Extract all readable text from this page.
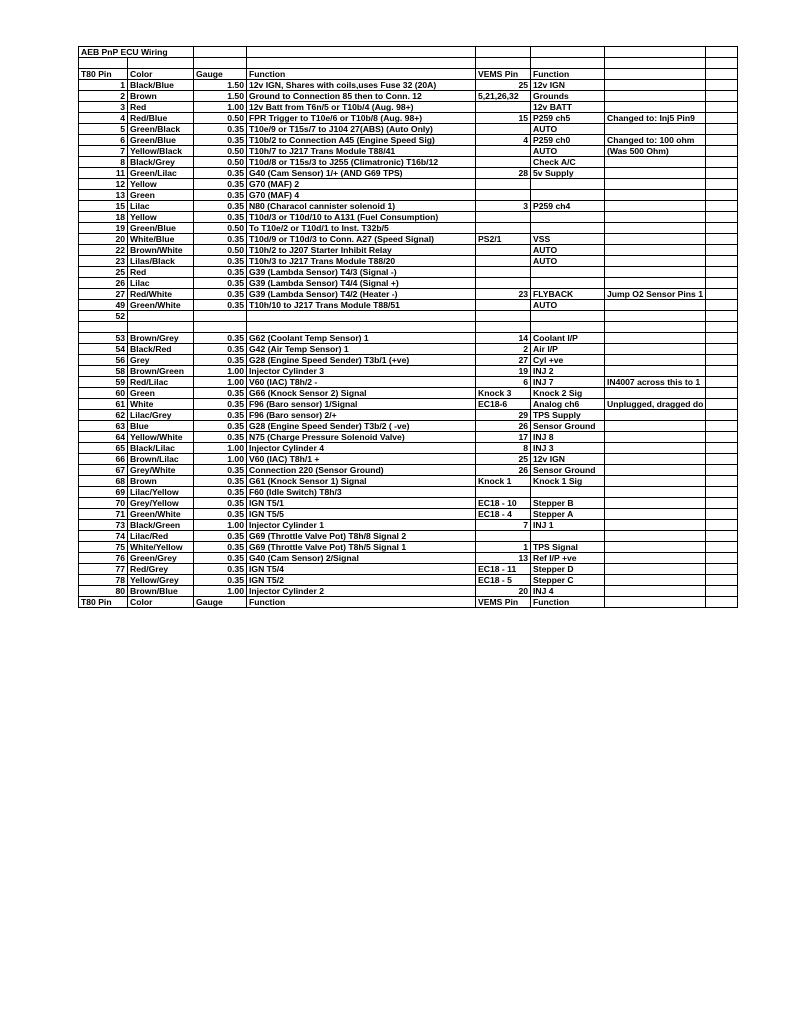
AEB PnP ECU Wiring							

T80 Pin	Color	Gauge	Function	VEMS Pin	Function		
1	Black/Blue	1.50	12v IGN, Shares with coils,uses Fuse 32 (20A)	25	12v IGN		
2	Brown	1.50	Ground to Connection 85 then to Conn. 12	5,21,26,32	Grounds		
3	Red	1.00	12v Batt from T6n/5 or T10b/4 (Aug. 98+)		12v BATT		
4	Red/Blue	0.50	FPR Trigger to T10e/6 or T10b/8 (Aug. 98+)	15	P259 ch5	Changed to: Inj5 Pin9	
5	Green/Black	0.35	T10e/9 or T15s/7 to J104 27(ABS) (Auto Only)		AUTO		
6	Green/Blue	0.35	T10b/2 to Connection A45 (Engine Speed Sig)	4	P259 ch0	Changed to: 100 ohm	
7	Yellow/Black	0.50	T10h/7 to J217 Trans Module T88/41		AUTO	(Was 500 Ohm)	
8	Black/Grey	0.50	T10d/8 or T15s/3 to J255 (Climatronic) T16b/12		Check A/C		
11	Green/Lilac	0.35	G40 (Cam Sensor) 1/+ (AND G69 TPS)	28	5v Supply		
12	Yellow	0.35	G70 (MAF) 2				
13	Green	0.35	G70 (MAF) 4				
15	Lilac	0.35	N80 (Characol cannister solenoid 1)	3	P259 ch4		
18	Yellow	0.35	T10d/3 or T10d/10 to A131 (Fuel Consumption)				
19	Green/Blue	0.50	To T10e/2 or T10d/1 to Inst. T32b/5				
20	White/Blue	0.35	T10d/9 or T10d/3 to Conn. A27 (Speed Signal)	PS2/1	VSS		
22	Brown/White	0.50	T10h/2 to J207 Starter Inhibit Relay		AUTO		
23	Lilas/Black	0.35	T10h/3 to J217 Trans Module T88/20		AUTO		
25	Red	0.35	G39 (Lambda Sensor) T4/3 (Signal -)				
26	Lilac	0.35	G39 (Lambda Sensor) T4/4 (Signal +)				
27	Red/White	0.35	G39 (Lambda Sensor) T4/2 (Heater -)	23	FLYBACK	Jump O2 Sensor Pins 1	
49	Green/White	0.35	T10h/10 to J217 Trans Module T88/51		AUTO		
52							

53	Brown/Grey	0.35	G62 (Coolant Temp Sensor) 1	14	Coolant I/P		
54	Black/Red	0.35	G42 (Air Temp Sensor) 1	2	Air I/P		
56	Grey	0.35	G28 (Engine Speed Sender) T3b/1 (+ve)	27	Cyl +ve		
58	Brown/Green	1.00	Injector Cylinder 3	19	INJ 2		
59	Red/Lilac	1.00	V60 (IAC) T8h/2 -	6	INJ 7	IN4007 across this to 1	
60	Green	0.35	G66 (Knock Sensor 2) Signal	Knock 3	Knock 2 Sig		
61	White	0.35	F96 (Baro sensor) 1/Signal	EC18-6	Analog ch6	Unplugged, dragged do	
62	Lilac/Grey	0.35	F96 (Baro sensor) 2/+	29	TPS Supply		
63	Blue	0.35	G28 (Engine Speed Sender) T3b/2 ( -ve)	26	Sensor Ground		
64	Yellow/White	0.35	N75 (Charge Pressure Solenoid Valve)	17	INJ 8		
65	Black/Lilac	1.00	Injector Cylinder 4	8	INJ 3		
66	Brown/Lilac	1.00	V60 (IAC) T8h/1 +	25	12v IGN		
67	Grey/White	0.35	Connection 220 (Sensor Ground)	26	Sensor Ground		
68	Brown	0.35	G61 (Knock Sensor 1) Signal	Knock 1	Knock 1 Sig		
69	Lilac/Yellow	0.35	F60 (Idle Switch) T8h/3				
70	Grey/Yellow	0.35	IGN T5/1	EC18 - 10	Stepper B		
71	Green/White	0.35	IGN T5/5	EC18 - 4	Stepper A		
73	Black/Green	1.00	Injector Cylinder 1	7	INJ 1		
74	Lilac/Red	0.35	G69 (Throttle Valve Pot) T8h/8 Signal 2				
75	White/Yellow	0.35	G69 (Throttle Valve Pot) T8h/5 Signal 1	1	TPS Signal		
76	Green/Grey	0.35	G40 (Cam Sensor) 2/Signal	13	Ref I/P +ve		
77	Red/Grey	0.35	IGN T5/4	EC18 - 11	Stepper D		
78	Yellow/Grey	0.35	IGN T5/2	EC18 - 5	Stepper C		
80	Brown/Blue	1.00	Injector Cylinder 2	20	INJ 4		
T80 Pin	Color	Gauge	Function	VEMS Pin	Function		
